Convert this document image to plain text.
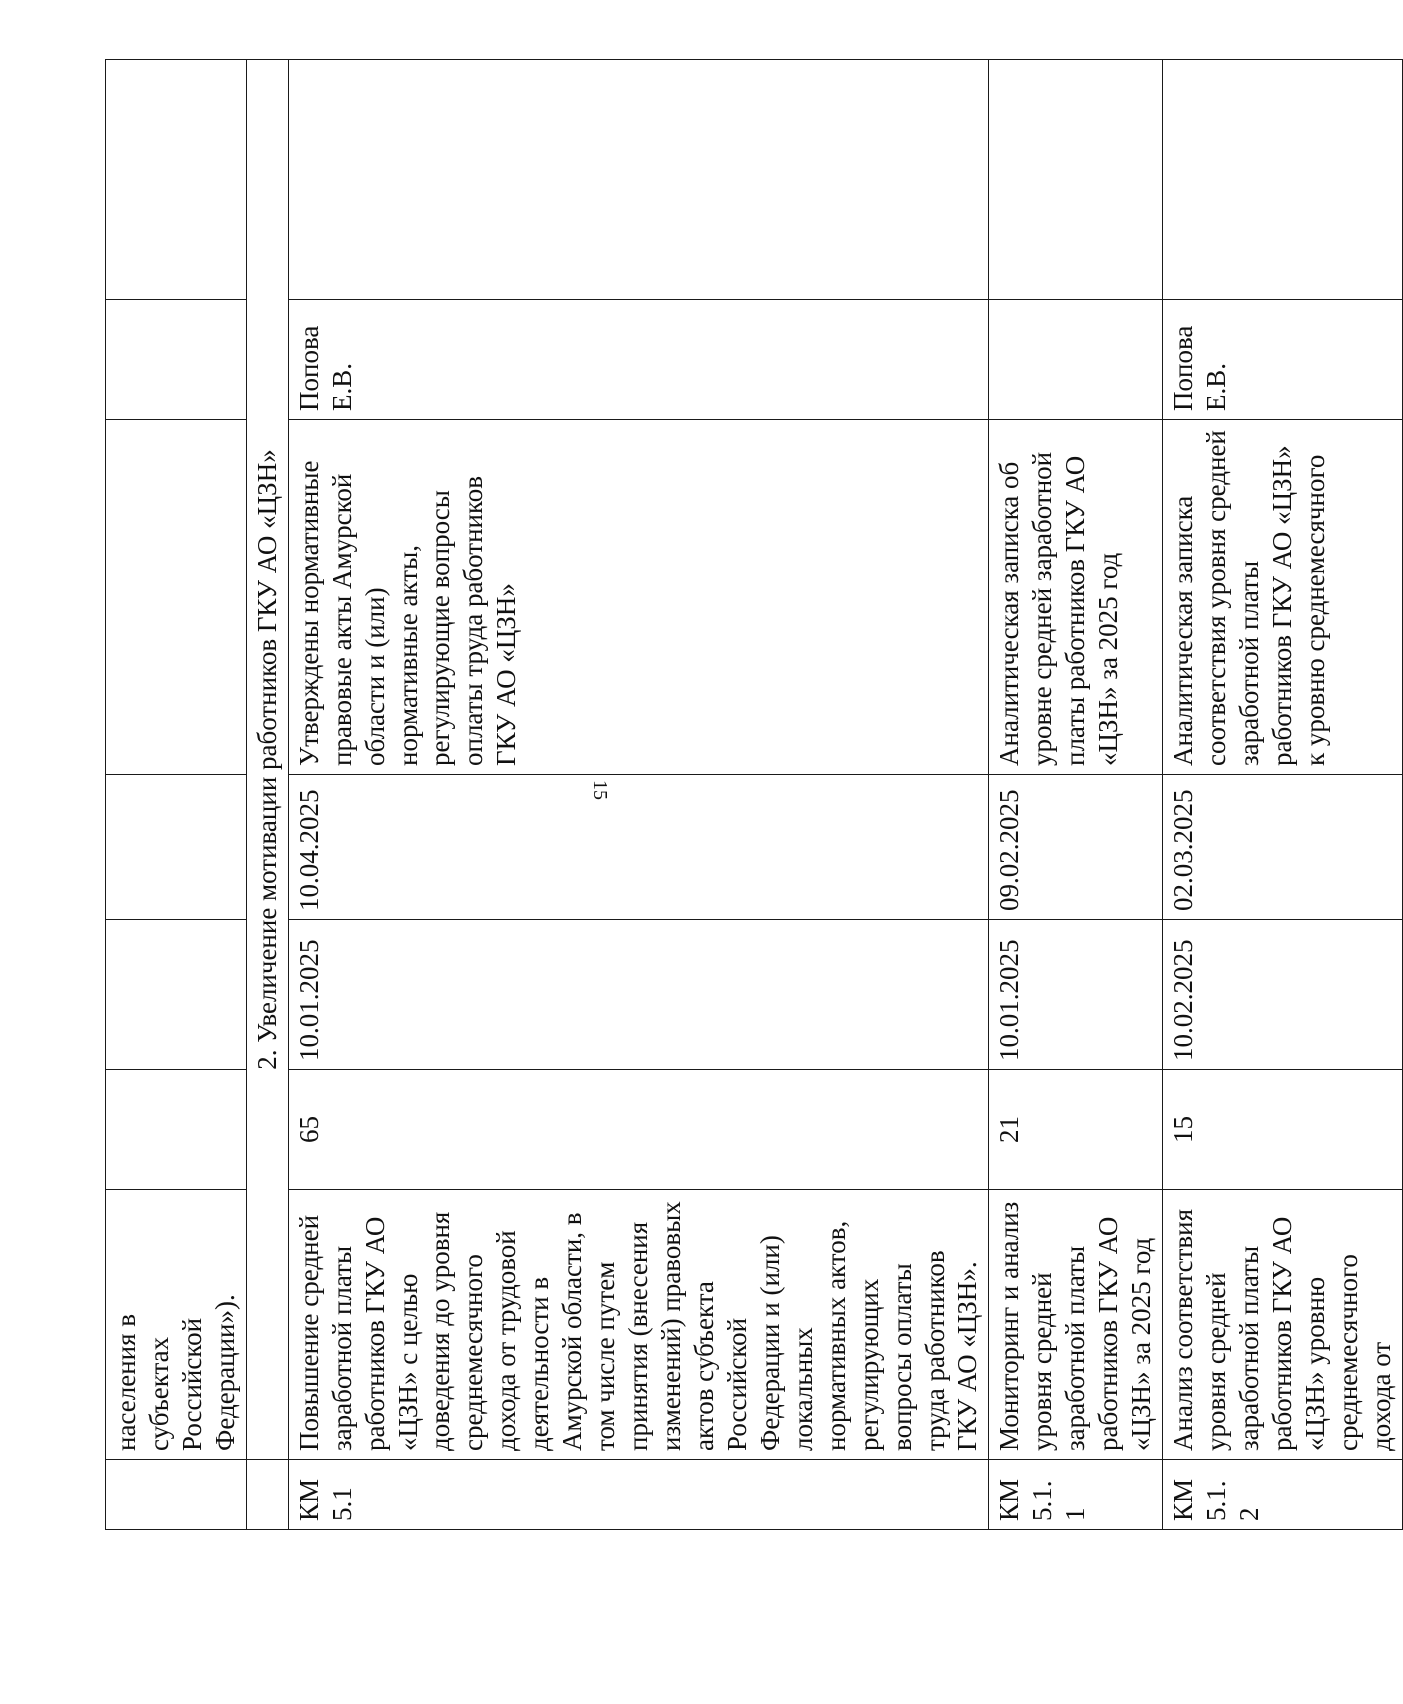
15
	населения в субъектах Российской Федерации»).						
	2. Увеличение мотивации работников ГКУ АО «ЦЗН»						
КМ 5.1	Повышение средней заработной платы работников ГКУ АО «ЦЗН» с целью доведения до уровня среднемесячного дохода от трудовой деятельности в Амурской области, в том числе путем принятия (внесения изменений) правовых актов субъекта Российской Федерации и (или) локальных нормативных актов, регулирующих вопросы оплаты труда работников ГКУ АО «ЦЗН».	65	10.01.2025	10.04.2025	Утверждены нормативные правовые акты Амурской области и (или) нормативные акты, регулирующие вопросы оплаты труда работников ГКУ АО «ЦЗН»	Попова Е.В.	
КМ 5.1.1	Мониторинг и анализ уровня средней заработной платы работников ГКУ АО «ЦЗН» за 2025 год	21	10.01.2025	09.02.2025	Аналитическая записка об уровне средней заработной платы работников ГКУ АО «ЦЗН» за 2025 год		
КМ 5.1.2	Анализ соответствия уровня средней заработной платы работников ГКУ АО «ЦЗН» уровню среднемесячного дохода от	15	10.02.2025	02.03.2025	Аналитическая записка соответствия уровня средней заработной платы работников ГКУ АО «ЦЗН» к уровню среднемесячного	Попова Е.В.	
